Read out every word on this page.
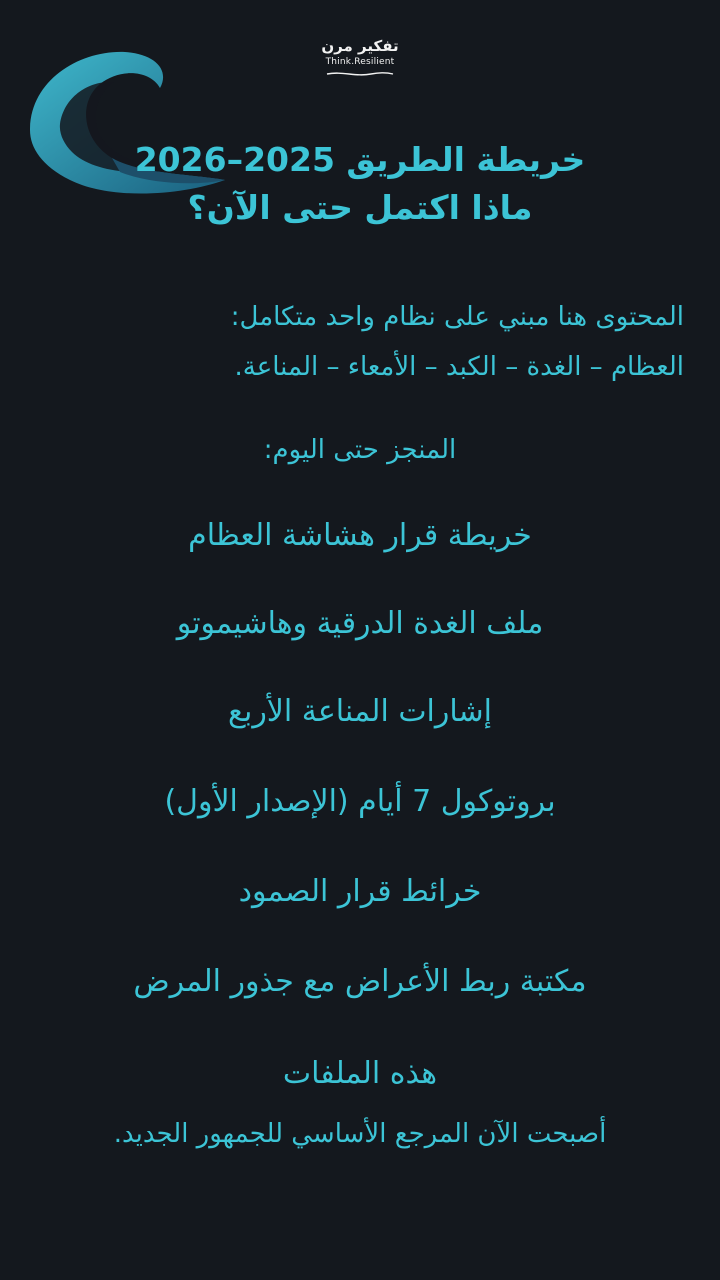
تفكير مرن
Think.Resilient
خريطة الطريق 2025–2026
ماذا اكتمل حتى الآن؟
المحتوى هنا مبني على نظام واحد متكامل:
العظام – الغدة – الكبد – الأمعاء – المناعة.
المنجز حتى اليوم:
خريطة قرار هشاشة العظام
ملف الغدة الدرقية وهاشيموتو
إشارات المناعة الأربع
بروتوكول 7 أيام (الإصدار الأول)
خرائط قرار الصمود
مكتبة ربط الأعراض مع جذور المرض
هذه الملفات
أصبحت الآن المرجع الأساسي للجمهور الجديد.
